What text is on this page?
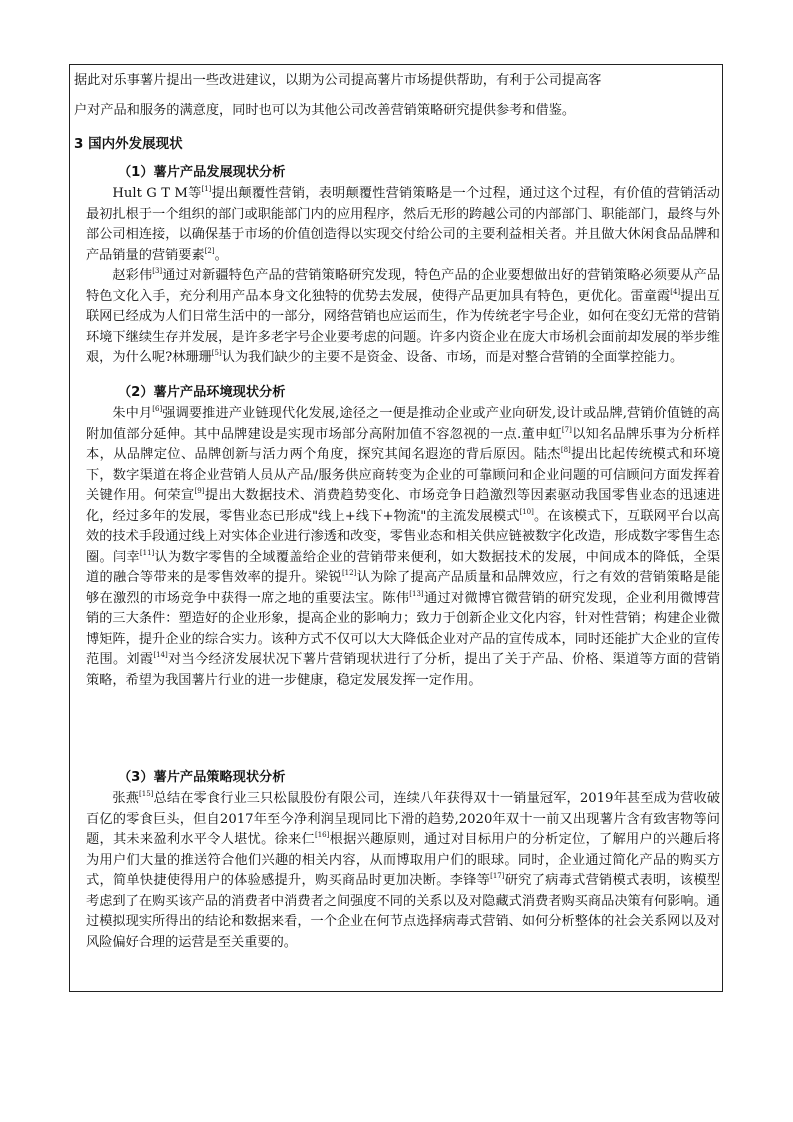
据此对乐事薯片提出一些改进建议，以期为公司提高薯片市场提供帮助，有利于公司提高客

户对产品和服务的满意度，同时也可以为其他公司改善营销策略研究提供参考和借鉴。

3 国内外发展现状
（1）薯片产品发展现状分析

Hult G T M等[1]提出颠覆性营销，表明颠覆性营销策略是一个过程，通过这个过程，有价值的营销活动最初扎根于一个组织的部门或职能部门内的应用程序，然后无形的跨越公司的内部部门、职能部门，最终与外部公司相连接，以确保基于市场的价值创造得以实现交付给公司的主要利益相关者。并且做大休闲食品品牌和产品销量的营销要素[2]。

赵彩伟[3]通过对新疆特色产品的营销策略研究发现，特色产品的企业要想做出好的营销策略必须要从产品特色文化入手，充分利用产品本身文化独特的优势去发展，使得产品更加具有特色，更优化。雷童霞[4]提出互联网已经成为人们日常生活中的一部分，网络营销也应运而生，作为传统老字号企业，如何在变幻无常的营销环境下继续生存并发展，是许多老字号企业要考虑的问题。许多内资企业在庞大市场机会面前却发展的举步维艰，为什么呢?林珊珊[5]认为我们缺少的主要不是资金、设备、市场，而是对整合营销的全面掌控能力。

（2）薯片产品环境现状分析

朱中月[6]强调要推进产业链现代化发展,途径之一便是推动企业或产业向研发,设计或品牌,营销价值链的高附加值部分延伸。其中品牌建设是实现市场部分高附加值不容忽视的一点.董申虹[7]以知名品牌乐事为分析样本，从品牌定位、品牌创新与活力两个角度，探究其闻名遐迩的背后原因。陆杰[8]提出比起传统模式和环境下，数字渠道在将企业营销人员从产品/服务供应商转变为企业的可靠顾问和企业问题的可信顾问方面发挥着关键作用。何荣宣[9]提出大数据技术、消费趋势变化、市场竞争日趋激烈等因素驱动我国零售业态的迅速进化，经过多年的发展，零售业态已形成"线上+线下+物流"的主流发展模式[10]。在该模式下，互联网平台以高效的技术手段通过线上对实体企业进行渗透和改变，零售业态和相关供应链被数字化改造，形成数字零售生态圈。闫幸[11]认为数字零售的全域覆盖给企业的营销带来便利，如大数据技术的发展，中间成本的降低，全渠道的融合等带来的是零售效率的提升。梁锐[12]认为除了提高产品质量和品牌效应，行之有效的营销策略是能够在激烈的市场竞争中获得一席之地的重要法宝。陈伟[13]通过对微博官微营销的研究发现，企业利用微博营销的三大条件：塑造好的企业形象，提高企业的影响力；致力于创新企业文化内容，针对性营销；构建企业微博矩阵，提升企业的综合实力。该种方式不仅可以大大降低企业对产品的宣传成本，同时还能扩大企业的宣传范围。刘霞[14]对当今经济发展状况下薯片营销现状进行了分析，提出了关于产品、价格、渠道等方面的营销策略，希望为我国薯片行业的进一步健康，稳定发展发挥一定作用。

（3）薯片产品策略现状分析

张燕[15]总结在零食行业三只松鼠股份有限公司，连续八年获得双十一销量冠军，2019年甚至成为营收破百亿的零食巨头，但自2017年至今净利润呈现同比下滑的趋势,2020年双十一前又出现薯片含有致害物等问题，其未来盈利水平令人堪忧。徐来仁[16]根据兴趣原则，通过对目标用户的分析定位，了解用户的兴趣后将为用户们大量的推送符合他们兴趣的相关内容，从而博取用户们的眼球。同时，企业通过简化产品的购买方式，简单快捷使得用户的体验感提升，购买商品时更加决断。李锋等[17]研究了病毒式营销模式表明，该模型考虑到了在购买该产品的消费者中消费者之间强度不同的关系以及对隐藏式消费者购买商品决策有何影响。通过模拟现实所得出的结论和数据来看，一个企业在何节点选择病毒式营销、如何分析整体的社会关系网以及对风险偏好合理的运营是至关重要的。
